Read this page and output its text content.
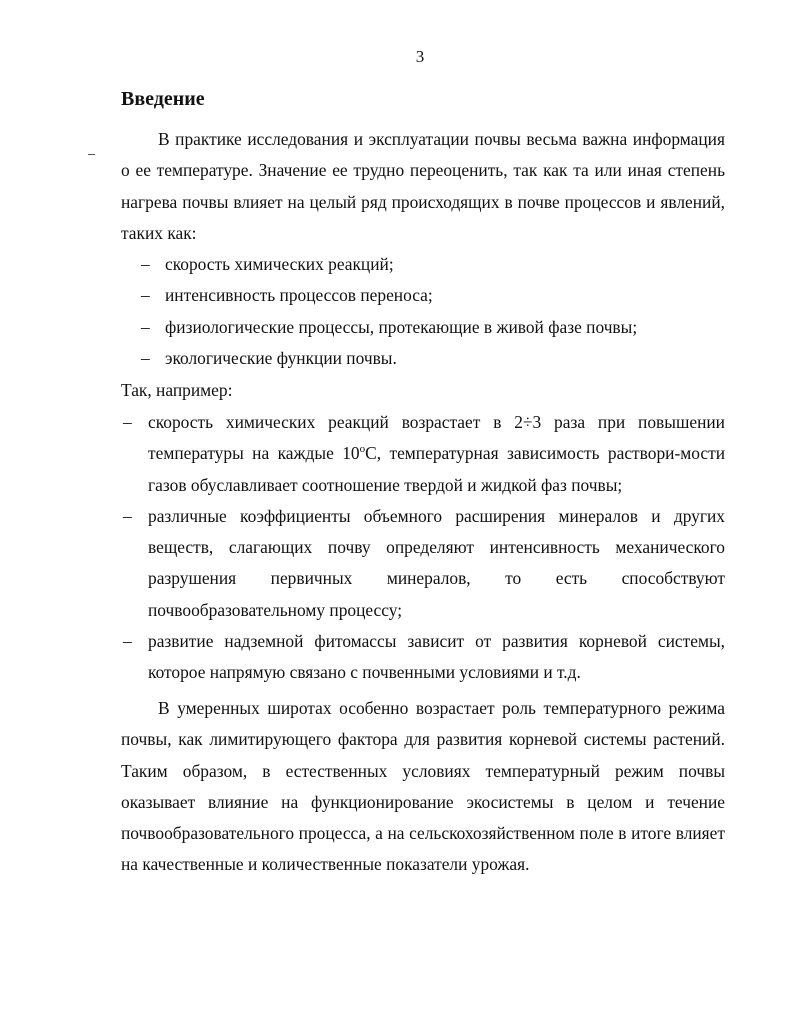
3
Введение

В практике исследования и эксплуатации почвы весьма важна информация о ее температуре. Значение ее трудно переоценить, так как та или иная степень нагрева почвы влияет на целый ряд происходящих в почве процессов и явлений, таких как:

– скорость химических реакций;
– интенсивность процессов переноса;
– физиологические процессы, протекающие в живой фазе почвы;
– экологические функции почвы.

Так, например:

– скорость химических реакций возрастает в 2÷3 раза при повышении температуры на каждые $10^оС$, температурная зависимость раствори-мости газов обуславливает соотношение твердой и жидкой фаз почвы;
– различные коэффициенты объемного расширения минералов и других веществ, слагающих почву определяют интенсивность механического разрушения первичных минералов, то есть способствуют почвообразовательному процессу;
– развитие надземной фитомассы зависит от развития корневой системы, которое напрямую связано с почвенными условиями и т.д.

В умеренных широтах особенно возрастает роль температурного режима почвы, как лимитирующего фактора для развития корневой системы растений. Таким образом, в естественных условиях температурный режим почвы оказывает влияние на функционирование экосистемы в целом и течение почвообразовательного процесса, а на сельскохозяйственном поле в итоге влияет на качественные и количественные показатели урожая.
